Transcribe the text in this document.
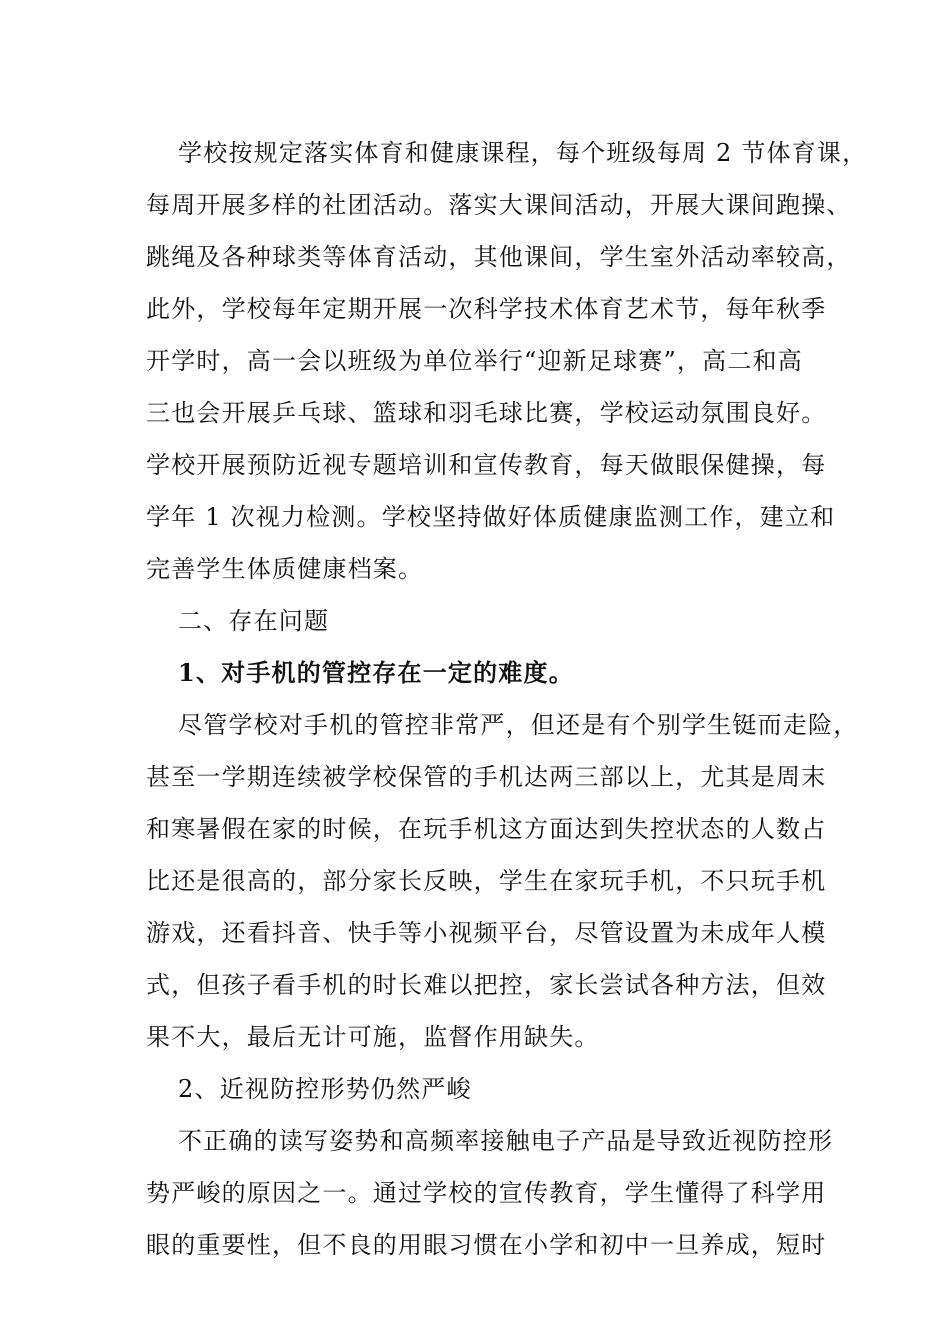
学校按规定落实体育和健康课程，每个班级每周 2 节体育课，
每周开展多样的社团活动。落实大课间活动，开展大课间跑操、
跳绳及各种球类等体育活动，其他课间，学生室外活动率较高，
此外，学校每年定期开展一次科学技术体育艺术节，每年秋季
开学时，高一会以班级为单位举行“迎新足球赛”，高二和高
三也会开展乒乓球、篮球和羽毛球比赛，学校运动氛围良好。
学校开展预防近视专题培训和宣传教育，每天做眼保健操，每
学年 1 次视力检测。学校坚持做好体质健康监测工作，建立和
完善学生体质健康档案。
二、存在问题
1、对手机的管控存在一定的难度。
尽管学校对手机的管控非常严，但还是有个别学生铤而走险，
甚至一学期连续被学校保管的手机达两三部以上，尤其是周末
和寒暑假在家的时候，在玩手机这方面达到失控状态的人数占
比还是很高的，部分家长反映，学生在家玩手机，不只玩手机
游戏，还看抖音、快手等小视频平台，尽管设置为未成年人模
式，但孩子看手机的时长难以把控，家长尝试各种方法，但效
果不大，最后无计可施，监督作用缺失。
2、近视防控形势仍然严峻
不正确的读写姿势和高频率接触电子产品是导致近视防控形
势严峻的原因之一。通过学校的宣传教育，学生懂得了科学用
眼的重要性，但不良的用眼习惯在小学和初中一旦养成，短时
